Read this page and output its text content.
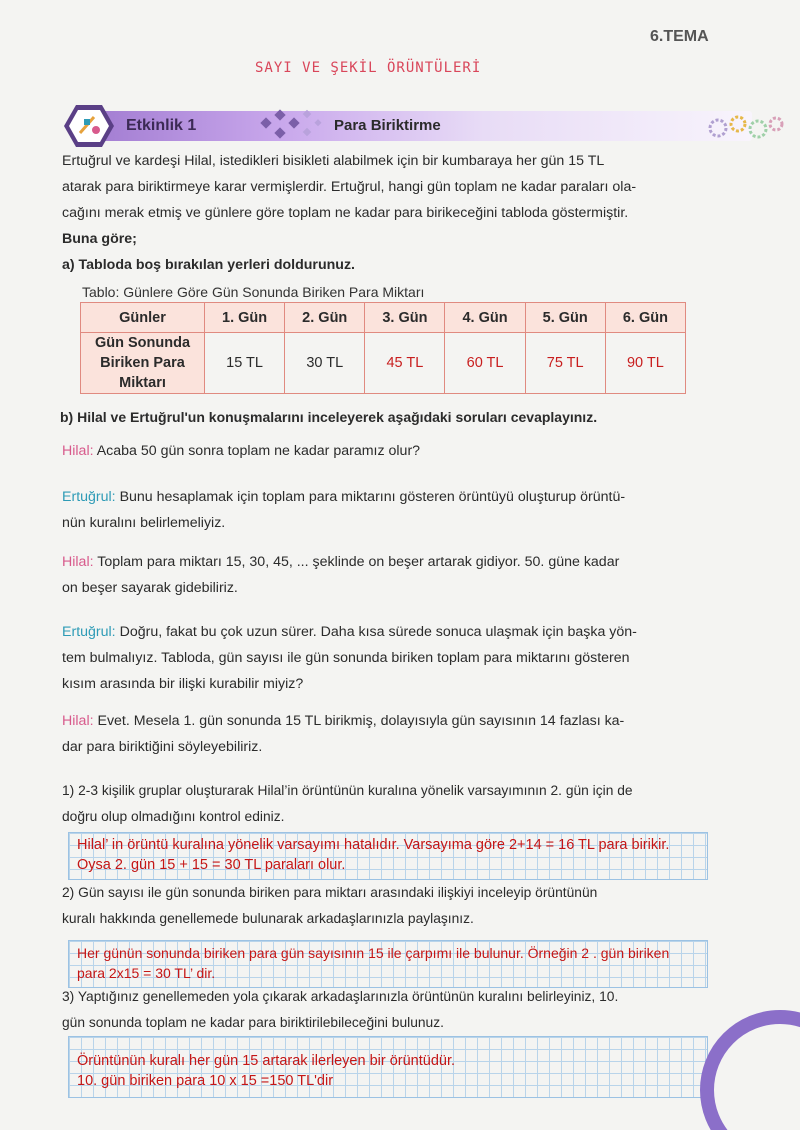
6.TEMA
SAYI VE ŞEKİL ÖRÜNTÜLERİ
Etkinlik 1	Para Biriktirme
Ertuğrul ve kardeşi Hilal, istedikleri bisikleti alabilmek için bir kumbaraya her gün 15 TL
atarak para biriktirmeye karar vermişlerdir. Ertuğrul, hangi gün toplam ne kadar paraları ola-
cağını merak etmiş ve günlere göre toplam ne kadar para birikeceğini tabloda göstermiştir.
Buna göre;
a) Tabloda boş bırakılan yerleri doldurunuz.
Tablo: Günlere Göre Gün Sonunda Biriken Para Miktarı
Günler	1. Gün	2. Gün	3. Gün	4. Gün	5. Gün	6. Gün

Gün Sonunda
Biriken Para
Miktarı	15 TL	30 TL	45 TL	60 TL	75 TL	90 TL
b) Hilal ve Ertuğrul'un konuşmalarını inceleyerek aşağıdaki soruları cevaplayınız.
Hilal: Acaba 50 gün sonra toplam ne kadar paramız olur?
Ertuğrul: Bunu hesaplamak için toplam para miktarını gösteren örüntüyü oluşturup örüntü-
nün kuralını belirlemeliyiz.
Hilal: Toplam para miktarı 15, 30, 45, ... şeklinde on beşer artarak gidiyor. 50. güne kadar
on beşer sayarak gidebiliriz.
Ertuğrul: Doğru, fakat bu çok uzun sürer. Daha kısa sürede sonuca ulaşmak için başka yön-
tem bulmalıyız. Tabloda, gün sayısı ile gün sonunda biriken toplam para miktarını gösteren
kısım arasında bir ilişki kurabilir miyiz?
Hilal: Evet. Mesela 1. gün sonunda 15 TL birikmiş, dolayısıyla gün sayısının 14 fazlası ka-
dar para biriktiğini söyleyebiliriz.
1) 2-3 kişilik gruplar oluşturarak Hilal’in örüntünün kuralına yönelik varsayımının 2. gün için de
doğru olup olmadığını kontrol ediniz.
Hilal’ in örüntü kuralına yönelik varsayımı hatalıdır. Varsayıma göre 2+14 = 16 TL para birikir.
Oysa 2. gün 15 + 15 = 30 TL paraları olur.
2) Gün sayısı ile gün sonunda biriken para miktarı arasındaki ilişkiyi inceleyip örüntünün
kuralı hakkında genellemede bulunarak arkadaşlarınızla paylaşınız.
Her günün sonunda biriken para gün sayısının 15 ile çarpımı ile bulunur. Örneğin 2 . gün biriken
para 2x15 = 30 TL’ dir.
3) Yaptığınız genellemeden yola çıkarak arkadaşlarınızla örüntünün kuralını belirleyiniz, 10.
gün sonunda toplam ne kadar para biriktirilebileceğini bulunuz.
Örüntünün kuralı her gün 15 artarak ilerleyen bir örüntüdür.
10. gün biriken para 10 x 15 =150 TL'dir
